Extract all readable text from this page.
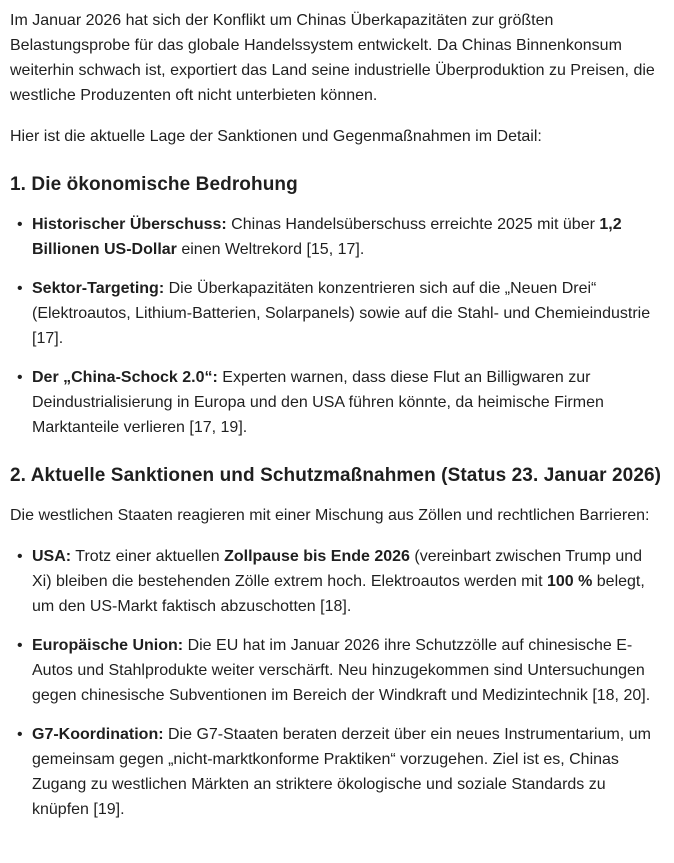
Im Januar 2026 hat sich der Konflikt um Chinas Überkapazitäten zur größten Belastungsprobe für das globale Handelssystem entwickelt. Da Chinas Binnenkonsum weiterhin schwach ist, exportiert das Land seine industrielle Überproduktion zu Preisen, die westliche Produzenten oft nicht unterbieten können.

Hier ist die aktuelle Lage der Sanktionen und Gegenmaßnahmen im Detail:

1. Die ökonomische Bedrohung
• Historischer Überschuss: Chinas Handelsüberschuss erreichte 2025 mit über 1,2 Billionen US-Dollar einen Weltrekord [15, 17].
• Sektor-Targeting: Die Überkapazitäten konzentrieren sich auf die „Neuen Drei“ (Elektroautos, Lithium-Batterien, Solarpanels) sowie auf die Stahl- und Chemieindustrie [17].
• Der „China-Schock 2.0“: Experten warnen, dass diese Flut an Billigwaren zur Deindustrialisierung in Europa und den USA führen könnte, da heimische Firmen Marktanteile verlieren [17, 19].
2. Aktuelle Sanktionen und Schutzmaßnahmen (Status 23. Januar 2026)

Die westlichen Staaten reagieren mit einer Mischung aus Zöllen und rechtlichen Barrieren:

• USA: Trotz einer aktuellen Zollpause bis Ende 2026 (vereinbart zwischen Trump und Xi) bleiben die bestehenden Zölle extrem hoch. Elektroautos werden mit 100 % belegt, um den US-Markt faktisch abzuschotten [18].
• Europäische Union: Die EU hat im Januar 2026 ihre Schutzzölle auf chinesische E-Autos und Stahlprodukte weiter verschärft. Neu hinzugekommen sind Untersuchungen gegen chinesische Subventionen im Bereich der Windkraft und Medizintechnik [18, 20].
• G7-Koordination: Die G7-Staaten beraten derzeit über ein neues Instrumentarium, um gemeinsam gegen „nicht-marktkonforme Praktiken“ vorzugehen. Ziel ist es, Chinas Zugang zu westlichen Märkten an striktere ökologische und soziale Standards zu knüpfen [19].
